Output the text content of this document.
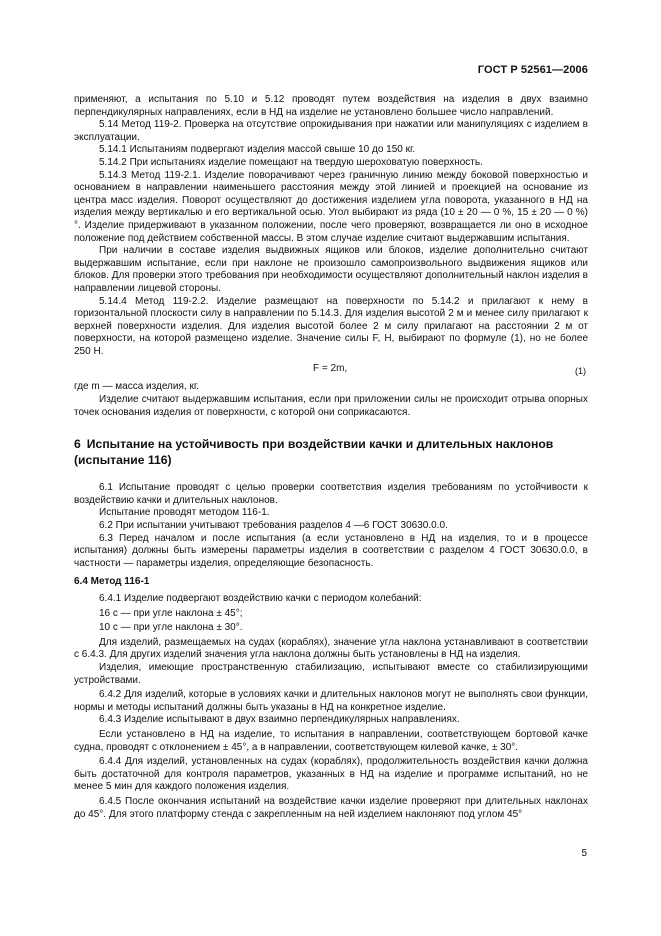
ГОСТ Р 52561—2006

применяют, а испытания по 5.10 и 5.12 проводят путем воздействия на изделия в двух взаимно перпендикулярных направлениях, если в НД на изделие не установлено большее число направлений.

5.14 Метод 119-2. Проверка на отсутствие опрокидывания при нажатии или манипуляциях с изделием в эксплуатации.

5.14.1 Испытаниям подвергают изделия массой свыше 10 до 150 кг.

5.14.2 При испытаниях изделие помещают на твердую шероховатую поверхность.

5.14.3 Метод 119-2.1. Изделие поворачивают через граничную линию между боковой поверхностью и основанием в направлении наименьшего расстояния между этой линией и проекцией на основание из центра масс изделия. Поворот осуществляют до достижения изделием угла поворота, указанного в НД на изделия между вертикалью и его вертикальной осью. Угол выбирают из ряда (10 ± 20 — 0 %, 15 ± 20 — 0 %)°. Изделие придерживают в указанном положении, после чего проверяют, возвращается ли оно в исходное положение под действием собственной массы. В этом случае изделие считают выдержавшим испытания.

При наличии в составе изделия выдвижных ящиков или блоков, изделие дополнительно считают выдержавшим испытание, если при наклоне не произошло самопроизвольного выдвижения ящиков или блоков. Для проверки этого требования при необходимости осуществляют дополнительный наклон изделия в направлении лицевой стороны.

5.14.4 Метод 119-2.2. Изделие размещают на поверхности по 5.14.2 и прилагают к нему в горизонтальной плоскости силу в направлении по 5.14.3. Для изделия высотой 2 м и менее силу прилагают к верхней поверхности изделия. Для изделия высотой более 2 м силу прилагают на расстоянии 2 м от поверхности, на которой размещено изделие. Значение силы F, Н, выбирают по формуле (1), но не более 250 Н.

F = 2m,	(1)

где m — масса изделия, кг.

Изделие считают выдержавшим испытания, если при приложении силы не происходит отрыва опорных точек основания изделия от поверхности, с которой они соприкасаются.

6 Испытание на устойчивость при воздействии качки и длительных наклонов (испытание 116)

6.1 Испытание проводят с целью проверки соответствия изделия требованиям по устойчивости к воздействию качки и длительных наклонов.

Испытание проводят методом 116-1.

6.2 При испытании учитывают требования разделов 4 —6 ГОСТ 30630.0.0.

6.3 Перед началом и после испытания (а если установлено в НД на изделия, то и в процессе испытания) должны быть измерены параметры изделия в соответствии с разделом 4 ГОСТ 30630.0.0, в частности — параметры изделия, определяющие безопасность.

6.4 Метод 116-1

6.4.1 Изделие подвергают воздействию качки с периодом колебаний:

16 с — при угле наклона ± 45°;

10 с — при угле наклона ± 30°.

Для изделий, размещаемых на судах (кораблях), значение угла наклона устанавливают в соответствии с 6.4.3. Для других изделий значения угла наклона должны быть установлены в НД на изделия.

Изделия, имеющие пространственную стабилизацию, испытывают вместе со стабилизирующими устройствами.

6.4.2 Для изделий, которые в условиях качки и длительных наклонов могут не выполнять свои функции, нормы и методы испытаний должны быть указаны в НД на конкретное изделие.

6.4.3 Изделие испытывают в двух взаимно перпендикулярных направлениях.

Если установлено в НД на изделие, то испытания в направлении, соответствующем бортовой качке судна, проводят с отклонением ± 45°, а в направлении, соответствующем килевой качке, ± 30°.

6.4.4 Для изделий, установленных на судах (кораблях), продолжительность воздействия качки должна быть достаточной для контроля параметров, указанных в НД на изделие и программе испытаний, но не менее 5 мин для каждого положения изделия.

6.4.5 После окончания испытаний на воздействие качки изделие проверяют при длительных наклонах до 45°. Для этого платформу стенда с закрепленным на ней изделием наклоняют под углом 45°

5
